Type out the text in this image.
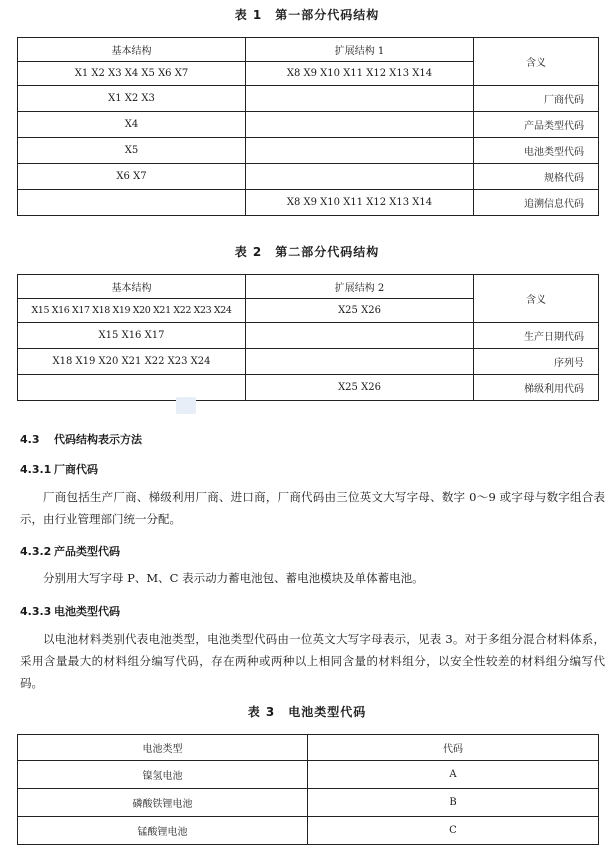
表 1　第一部分代码结构
基本结构	扩展结构 1	含义
X1 X2 X3 X4 X5 X6 X7	X8 X9 X10 X11 X12 X13 X14	
X1 X2 X3		厂商代码
X4		产品类型代码
X5		电池类型代码
X6 X7		规格代码
	X8 X9 X10 X11 X12 X13 X14	追溯信息代码
表 2　第二部分代码结构
基本结构	扩展结构 2	含义
X15 X16 X17 X18 X19 X20 X21 X22 X23 X24	X25 X26	
X15 X16 X17		生产日期代码
X18 X19 X20 X21 X22 X23 X24		序列号
	X25 X26	梯级利用代码
4.3 代码结构表示方法
4.3.1 厂商代码
厂商包括生产厂商、梯级利用厂商、进口商，厂商代码由三位英文大写字母、数字 0～9 或字母与数字组合表示，由行业管理部门统一分配。
4.3.2 产品类型代码
分别用大写字母 P、M、C 表示动力蓄电池包、蓄电池模块及单体蓄电池。
4.3.3 电池类型代码
以电池材料类别代表电池类型，电池类型代码由一位英文大写字母表示，见表 3。对于多组分混合材料体系，采用含量最大的材料组分编写代码，存在两种或两种以上相同含量的材料组分，以安全性较差的材料组分编写代码。
表 3　电池类型代码
电池类型	代码
镍氢电池	A
磷酸铁锂电池	B
锰酸锂电池	C
